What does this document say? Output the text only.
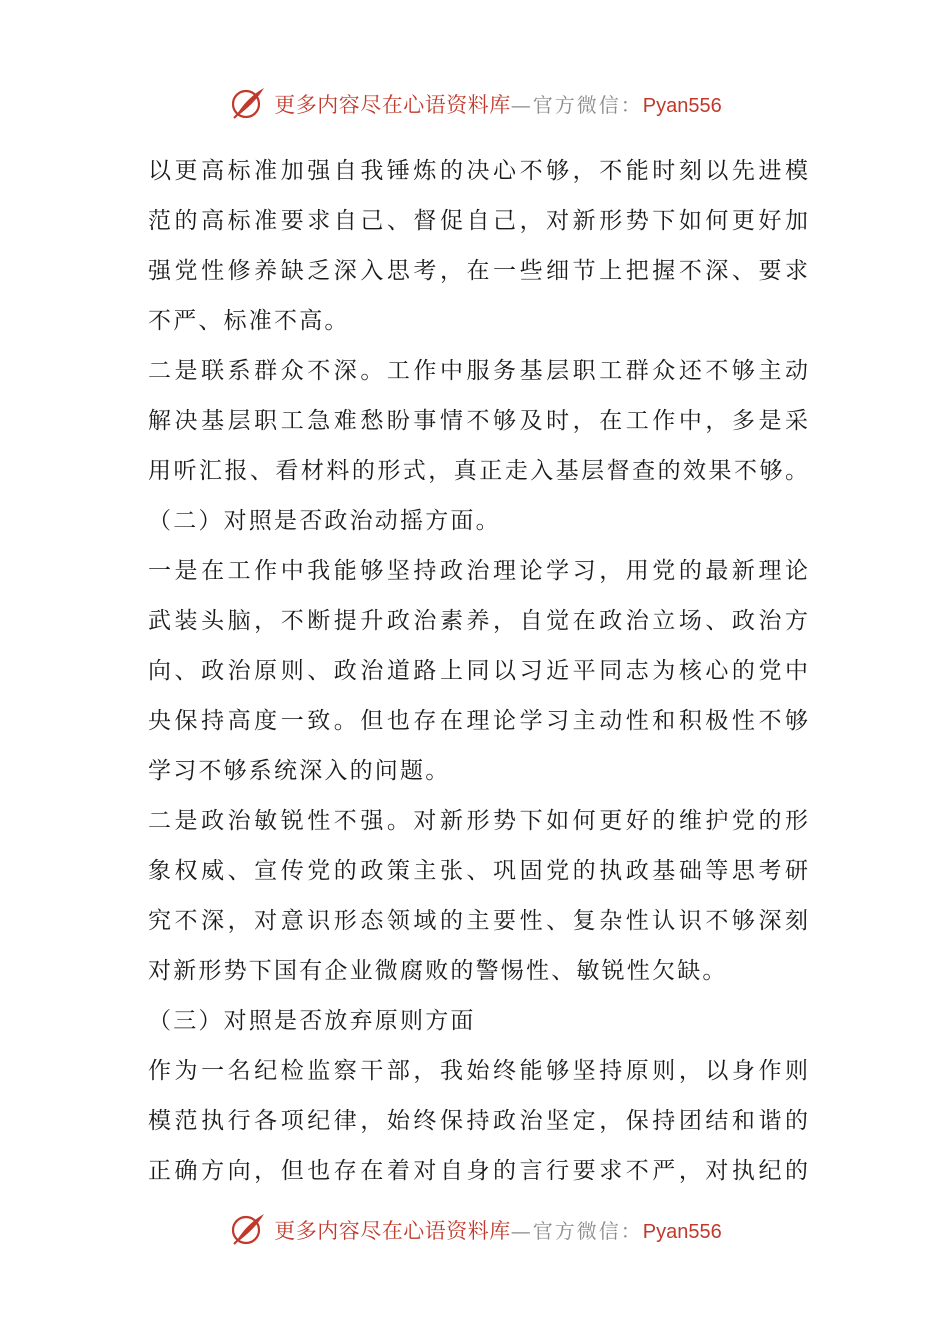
更多内容尽在心语资料库 —官方微信： Pyan556
以更高标准加强自我锤炼的决心不够，不能时刻以先进模
范的高标准要求自己、督促自己，对新形势下如何更好加
强党性修养缺乏深入思考，在一些细节上把握不深、要求
不严、标准不高。
二是联系群众不深。工作中服务基层职工群众还不够主动
解决基层职工急难愁盼事情不够及时，在工作中，多是采
用听汇报、看材料的形式，真正走入基层督查的效果不够。
（二）对照是否政治动摇方面。
一是在工作中我能够坚持政治理论学习，用党的最新理论
武装头脑，不断提升政治素养，自觉在政治立场、政治方
向、政治原则、政治道路上同以习近平同志为核心的党中
央保持高度一致。但也存在理论学习主动性和积极性不够
学习不够系统深入的问题。
二是政治敏锐性不强。对新形势下如何更好的维护党的形
象权威、宣传党的政策主张、巩固党的执政基础等思考研
究不深，对意识形态领域的主要性、复杂性认识不够深刻
对新形势下国有企业微腐败的警惕性、敏锐性欠缺。
（三）对照是否放弃原则方面
作为一名纪检监察干部，我始终能够坚持原则，以身作则
模范执行各项纪律，始终保持政治坚定，保持团结和谐的
正确方向，但也存在着对自身的言行要求不严，对执纪的
更多内容尽在心语资料库 —官方微信： Pyan556
